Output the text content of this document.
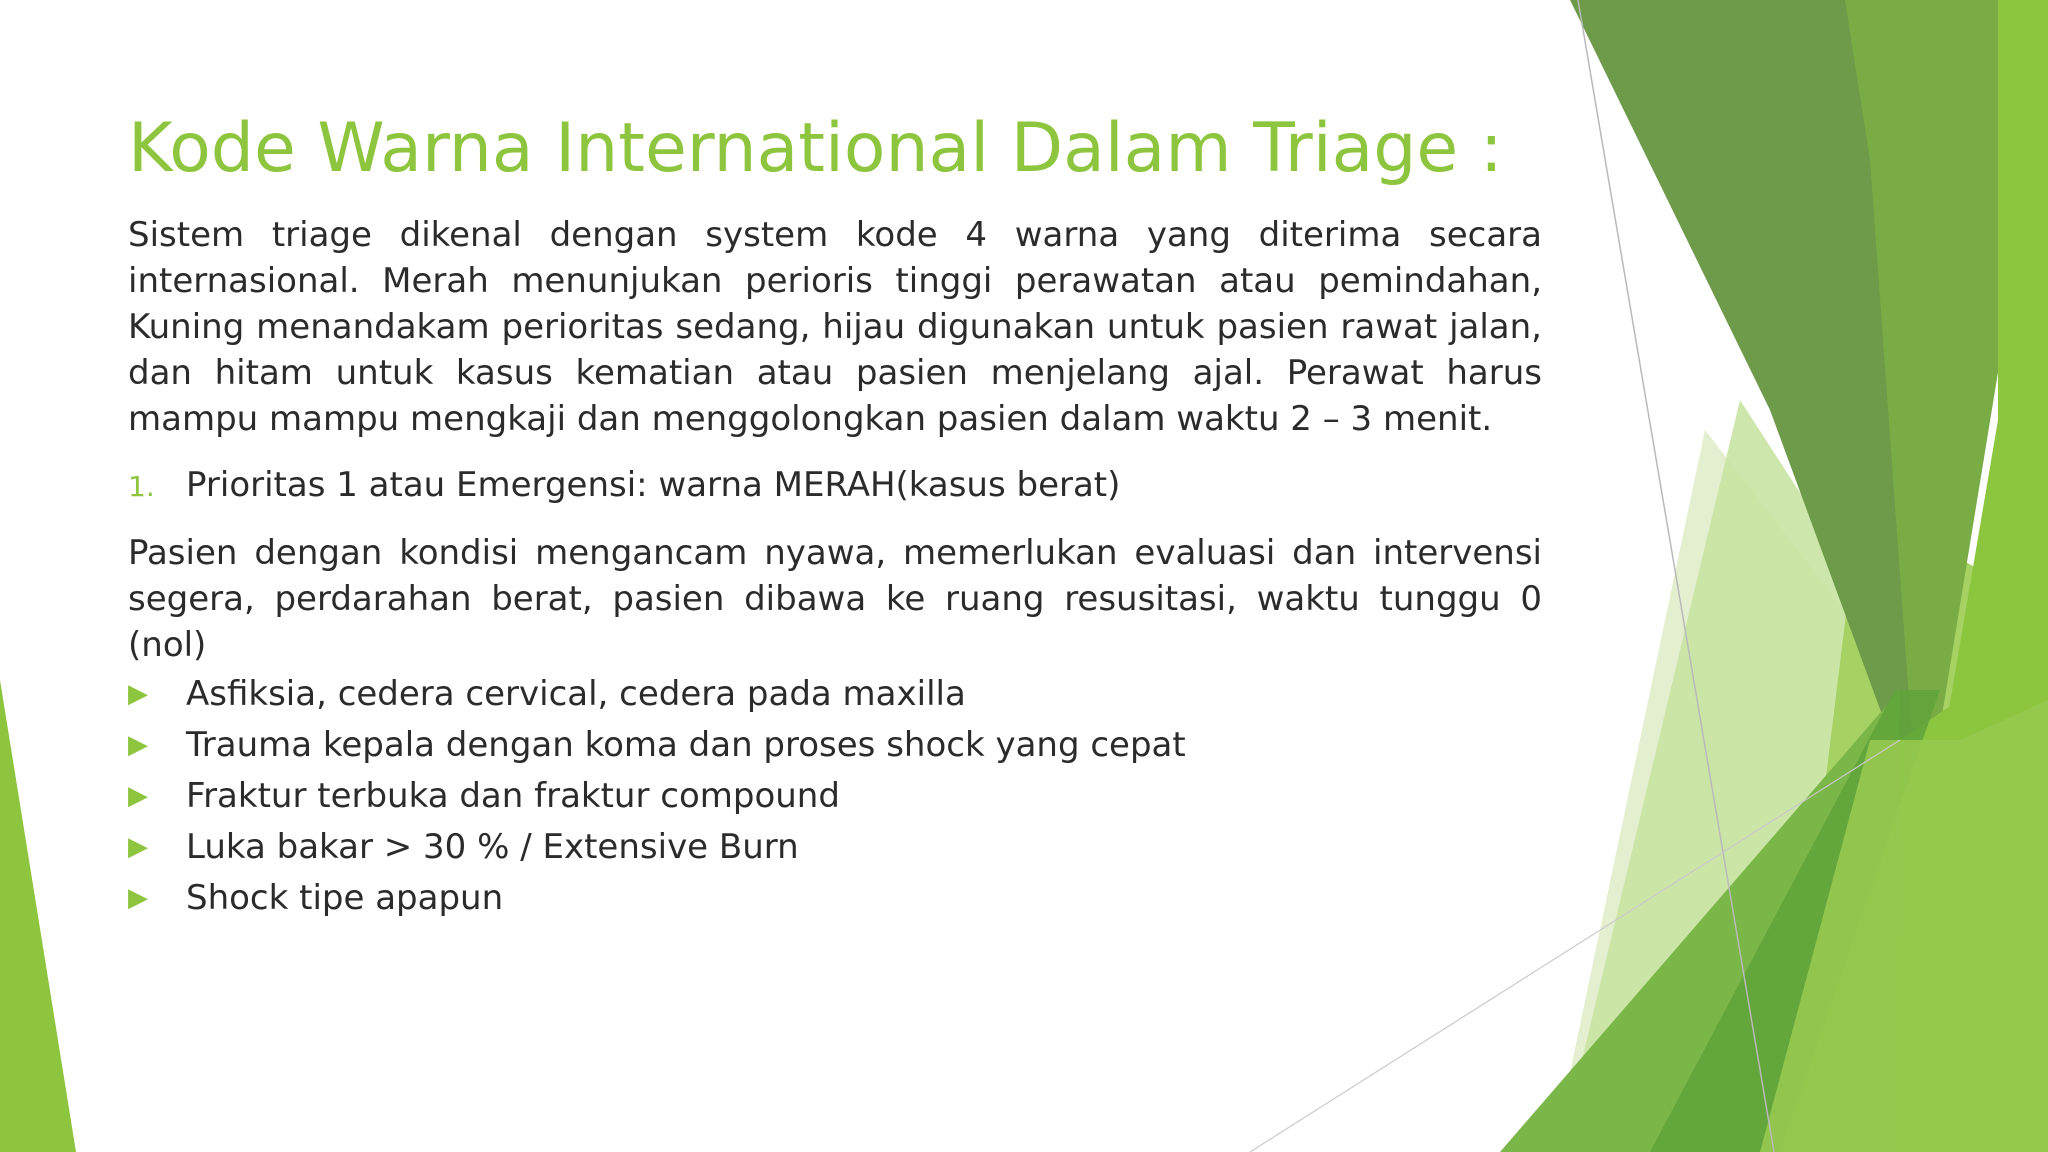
Kode Warna International Dalam Triage :

Sistem triage dikenal dengan system kode 4 warna yang diterima secara internasional. Merah menunjukan perioris tinggi perawatan atau pemindahan, Kuning menandakam perioritas sedang, hijau digunakan untuk pasien rawat jalan, dan hitam untuk kasus kematian atau pasien menjelang ajal. Perawat harus mampu mampu mengkaji dan menggolongkan pasien dalam waktu 2 – 3 menit.

1. Prioritas 1 atau Emergensi: warna MERAH(kasus berat)

Pasien dengan kondisi mengancam nyawa, memerlukan evaluasi dan intervensi segera, perdarahan berat, pasien dibawa ke ruang resusitasi, waktu tunggu 0 (nol)

▶	Asfiksia, cedera cervical, cedera pada maxilla
▶	Trauma kepala dengan koma dan proses shock yang cepat
▶	Fraktur terbuka dan fraktur compound
▶	Luka bakar > 30 % / Extensive Burn
▶	Shock tipe apapun
